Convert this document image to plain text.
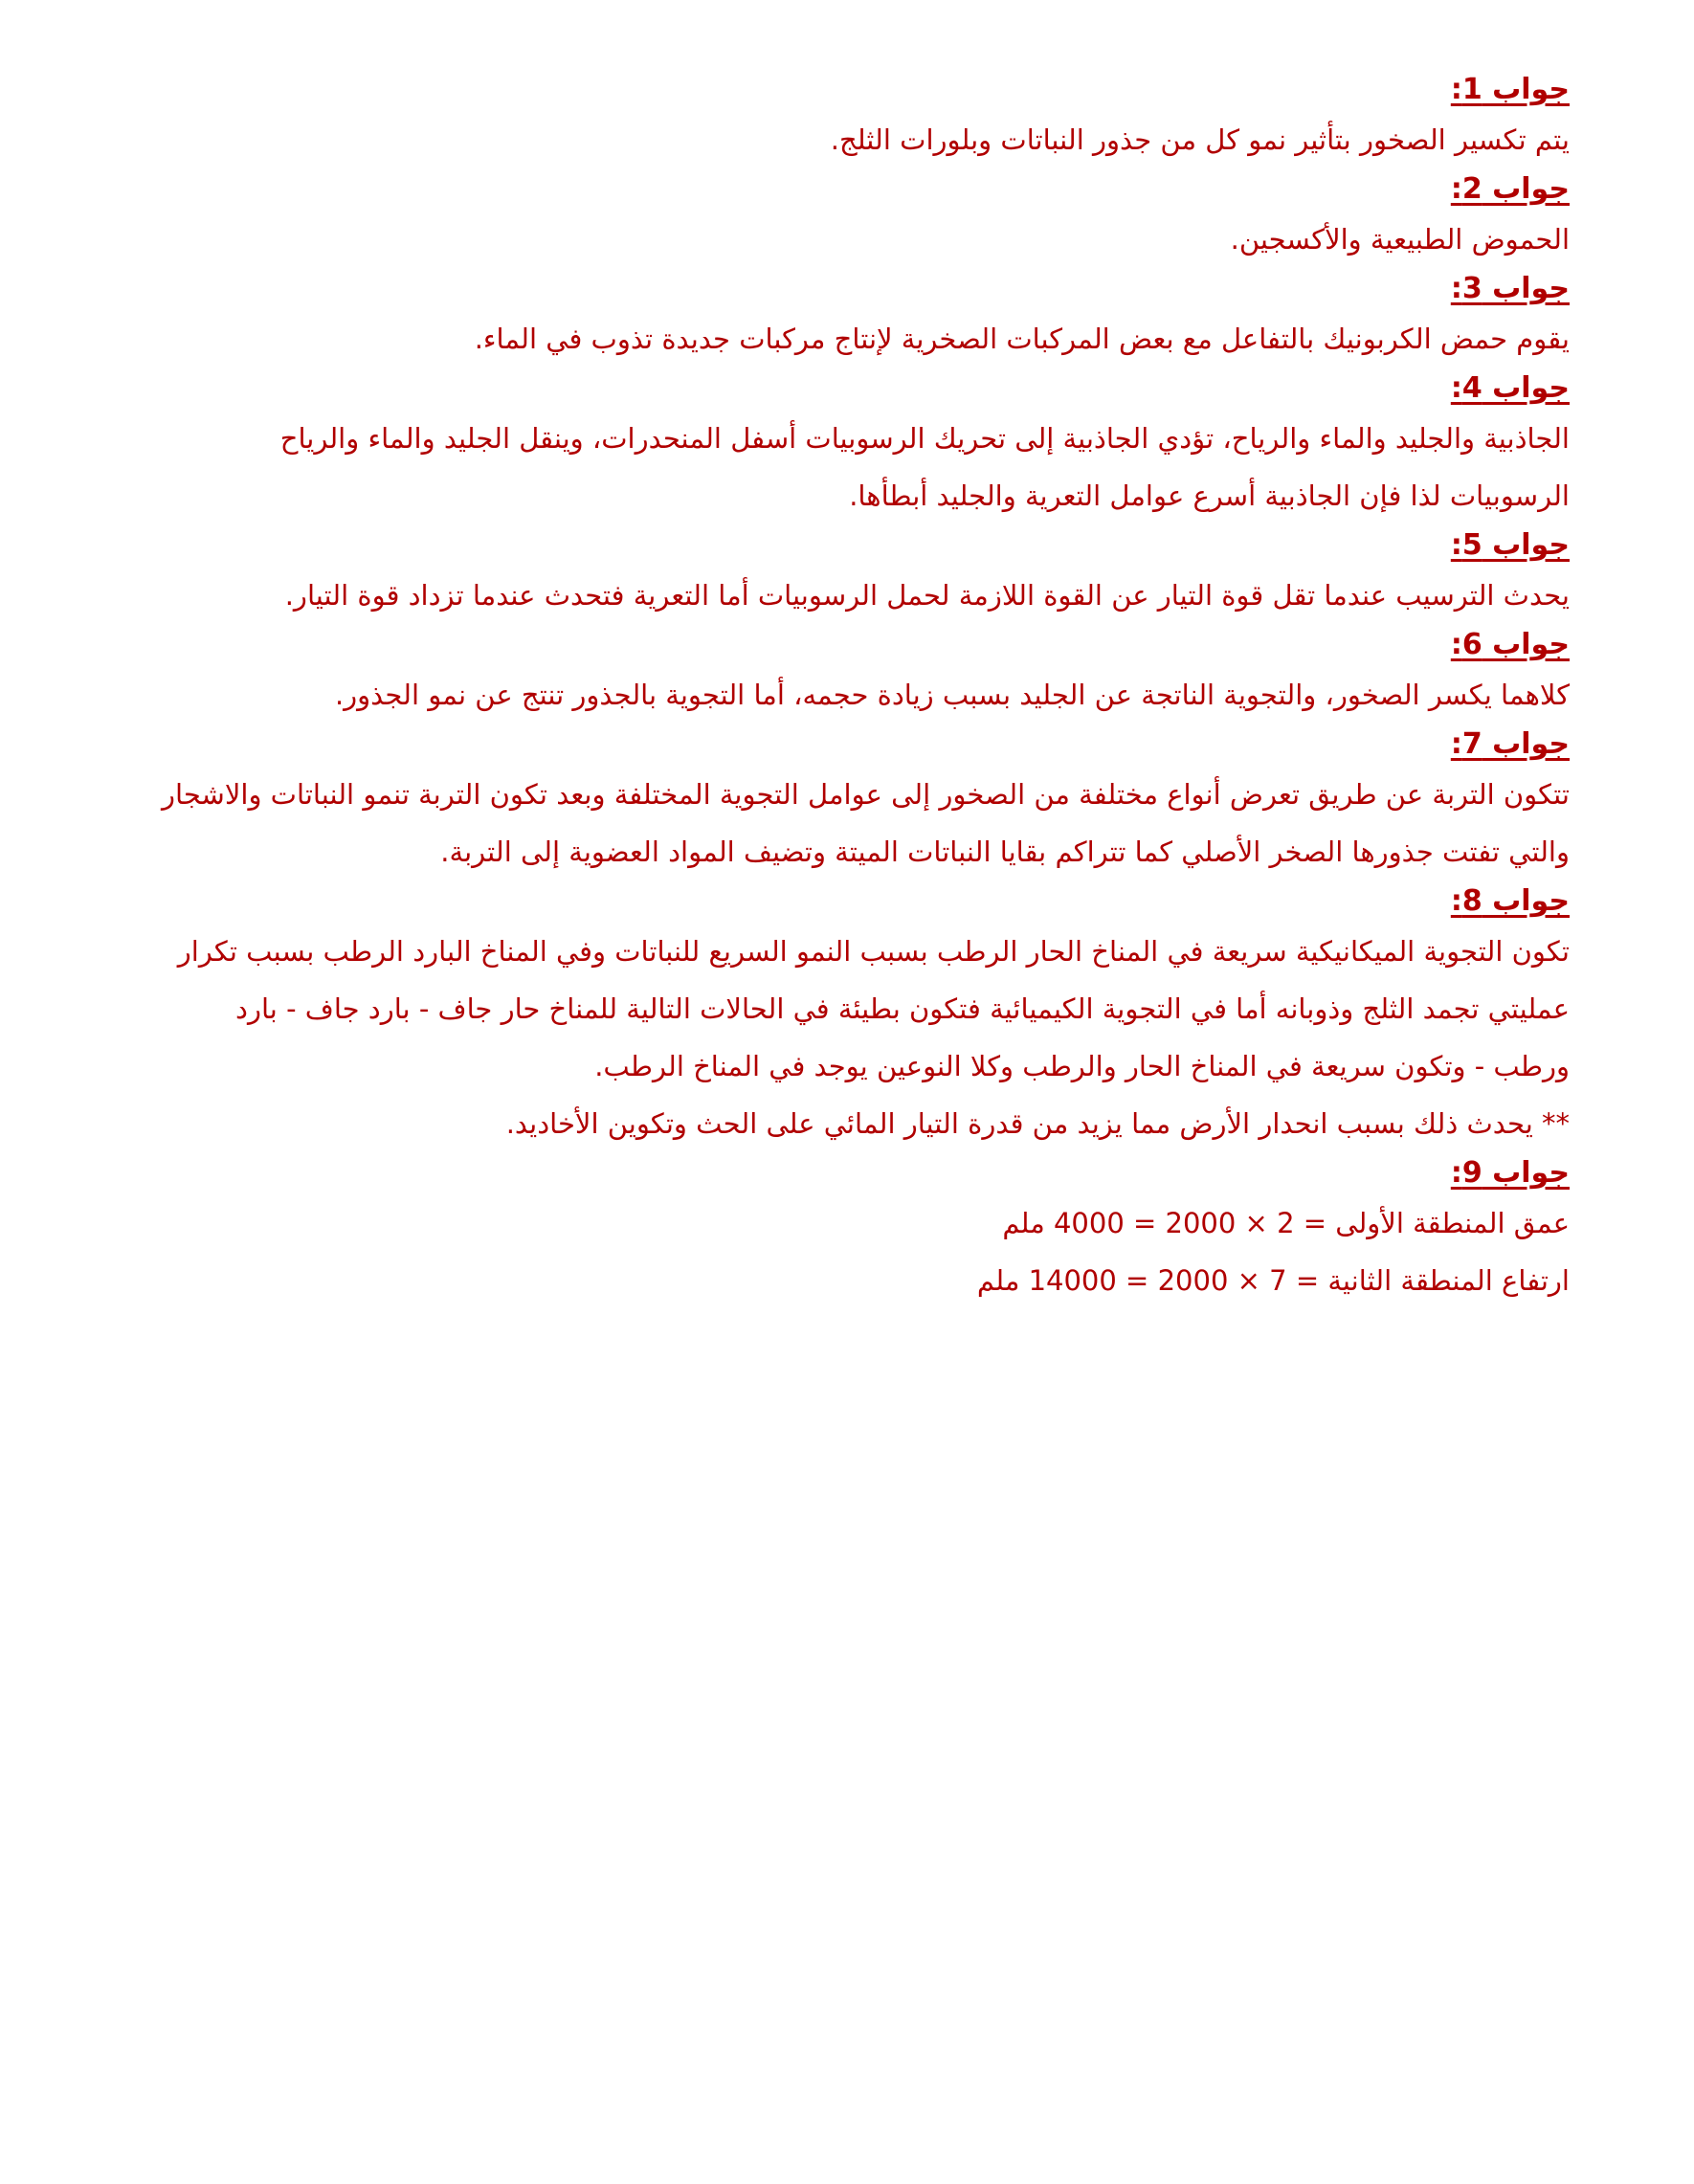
جواب 1:

يتم تكسير الصخور بتأثير نمو كل من جذور النباتات وبلورات الثلج.

جواب 2:

الحموض الطبيعية والأكسجين.

جواب 3:

يقوم حمض الكربونيك بالتفاعل مع بعض المركبات الصخرية لإنتاج مركبات جديدة تذوب في الماء.

جواب 4:

الجاذبية والجليد والماء والرياح، تؤدي الجاذبية إلى تحريك الرسوبيات أسفل المنحدرات، وينقل الجليد والماء والرياح الرسوبيات لذا فإن الجاذبية أسرع عوامل التعرية والجليد أبطأها.

جواب 5:

يحدث الترسيب عندما تقل قوة التيار عن القوة اللازمة لحمل الرسوبيات أما التعرية فتحدث عندما تزداد قوة التيار.

جواب 6:

كلاهما يكسر الصخور، والتجوية الناتجة عن الجليد بسبب زيادة حجمه، أما التجوية بالجذور تنتج عن نمو الجذور.

جواب 7:

تتكون التربة عن طريق تعرض أنواع مختلفة من الصخور إلى عوامل التجوية المختلفة وبعد تكون التربة تنمو النباتات والاشجار والتي تفتت جذورها الصخر الأصلي كما تتراكم بقايا النباتات الميتة وتضيف المواد العضوية إلى التربة.

جواب 8:

تكون التجوية الميكانيكية سريعة في المناخ الحار الرطب بسبب النمو السريع للنباتات وفي المناخ البارد الرطب بسبب تكرار عمليتي تجمد الثلج وذوبانه أما في التجوية الكيميائية فتكون بطيئة في الحالات التالية للمناخ حار جاف - بارد جاف - بارد ورطب - وتكون سريعة في المناخ الحار والرطب وكلا النوعين يوجد في المناخ الرطب.

** يحدث ذلك بسبب انحدار الأرض مما يزيد من قدرة التيار المائي على الحث وتكوين الأخاديد.

جواب 9:
عمق المنطقة الأولى = 2 × 2000 = 4000 ملم
ارتفاع المنطقة الثانية = 7 × 2000 = 14000 ملم
